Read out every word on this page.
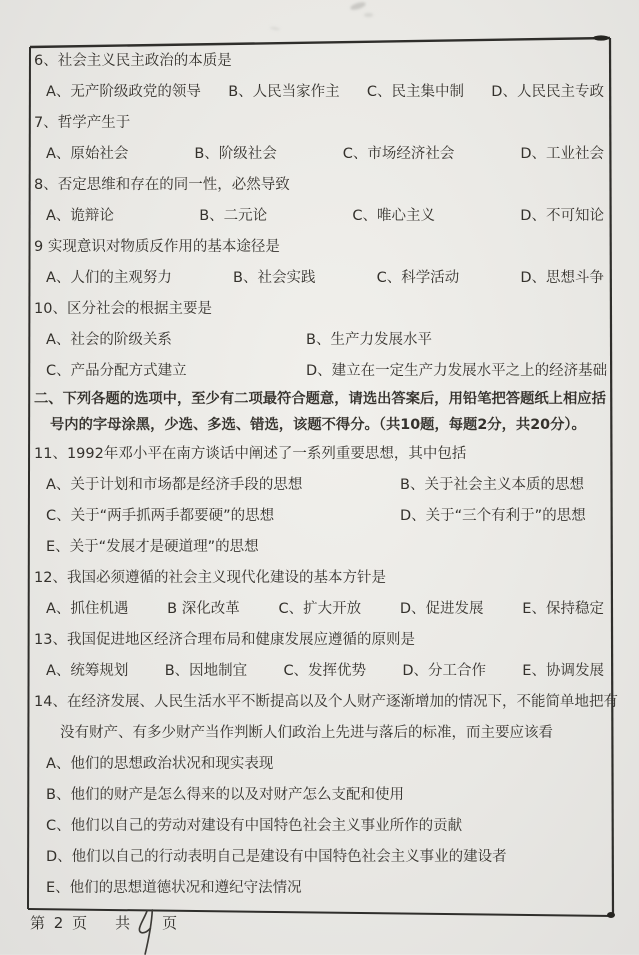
6、社会主义民主政治的本质是
A、无产阶级政党的领导 B、人民当家作主 C、民主集中制 D、人民民主专政
7、哲学产生于
A、原始社会	B、阶级社会	C、市场经济社会	D、工业社会
8、否定思维和存在的同一性，必然导致
A、诡辩论	B、二元论	C、唯心主义	D、不可知论
9 实现意识对物质反作用的基本途径是
A、人们的主观努力	B、社会实践	C、科学活动	D、思想斗争
10、区分社会的根据主要是
A、社会的阶级关系	B、生产力发展水平
C、产品分配方式建立	D、建立在一定生产力发展水平之上的经济基础
二、下列各题的选项中，至少有二项最符合题意，请选出答案后，用铅笔把答题纸上相应括
号内的字母涂黑，少选、多选、错选，该题不得分。（共10题，每题2分，共20分）。
11、1992年邓小平在南方谈话中阐述了一系列重要思想，其中包括
A、关于计划和市场都是经济手段的思想	B、关于社会主义本质的思想
C、关于“两手抓两手都要硬”的思想	D、关于“三个有利于”的思想
E、关于“发展才是硬道理”的思想
12、我国必须遵循的社会主义现代化建设的基本方针是
A、抓住机遇	B 深化改革	C、扩大开放	D、促进发展	E、保持稳定
13、我国促进地区经济合理布局和健康发展应遵循的原则是
A、统筹规划	B、因地制宜	C、发挥优势	D、分工合作	E、协调发展
14、在经济发展、人民生活水平不断提高以及个人财产逐渐增加的情况下，不能简单地把有
没有财产、有多少财产当作判断人们政治上先进与落后的标准，而主要应该看
A、他们的思想政治状况和现实表现
B、他们的财产是怎么得来的以及对财产怎么支配和使用
C、他们以自己的劳动对建设有中国特色社会主义事业所作的贡献
D、他们以自己的行动表明自己是建设有中国特色社会主义事业的建设者
E、他们的思想道德状况和遵纪守法情况
第 2 页 共 页
